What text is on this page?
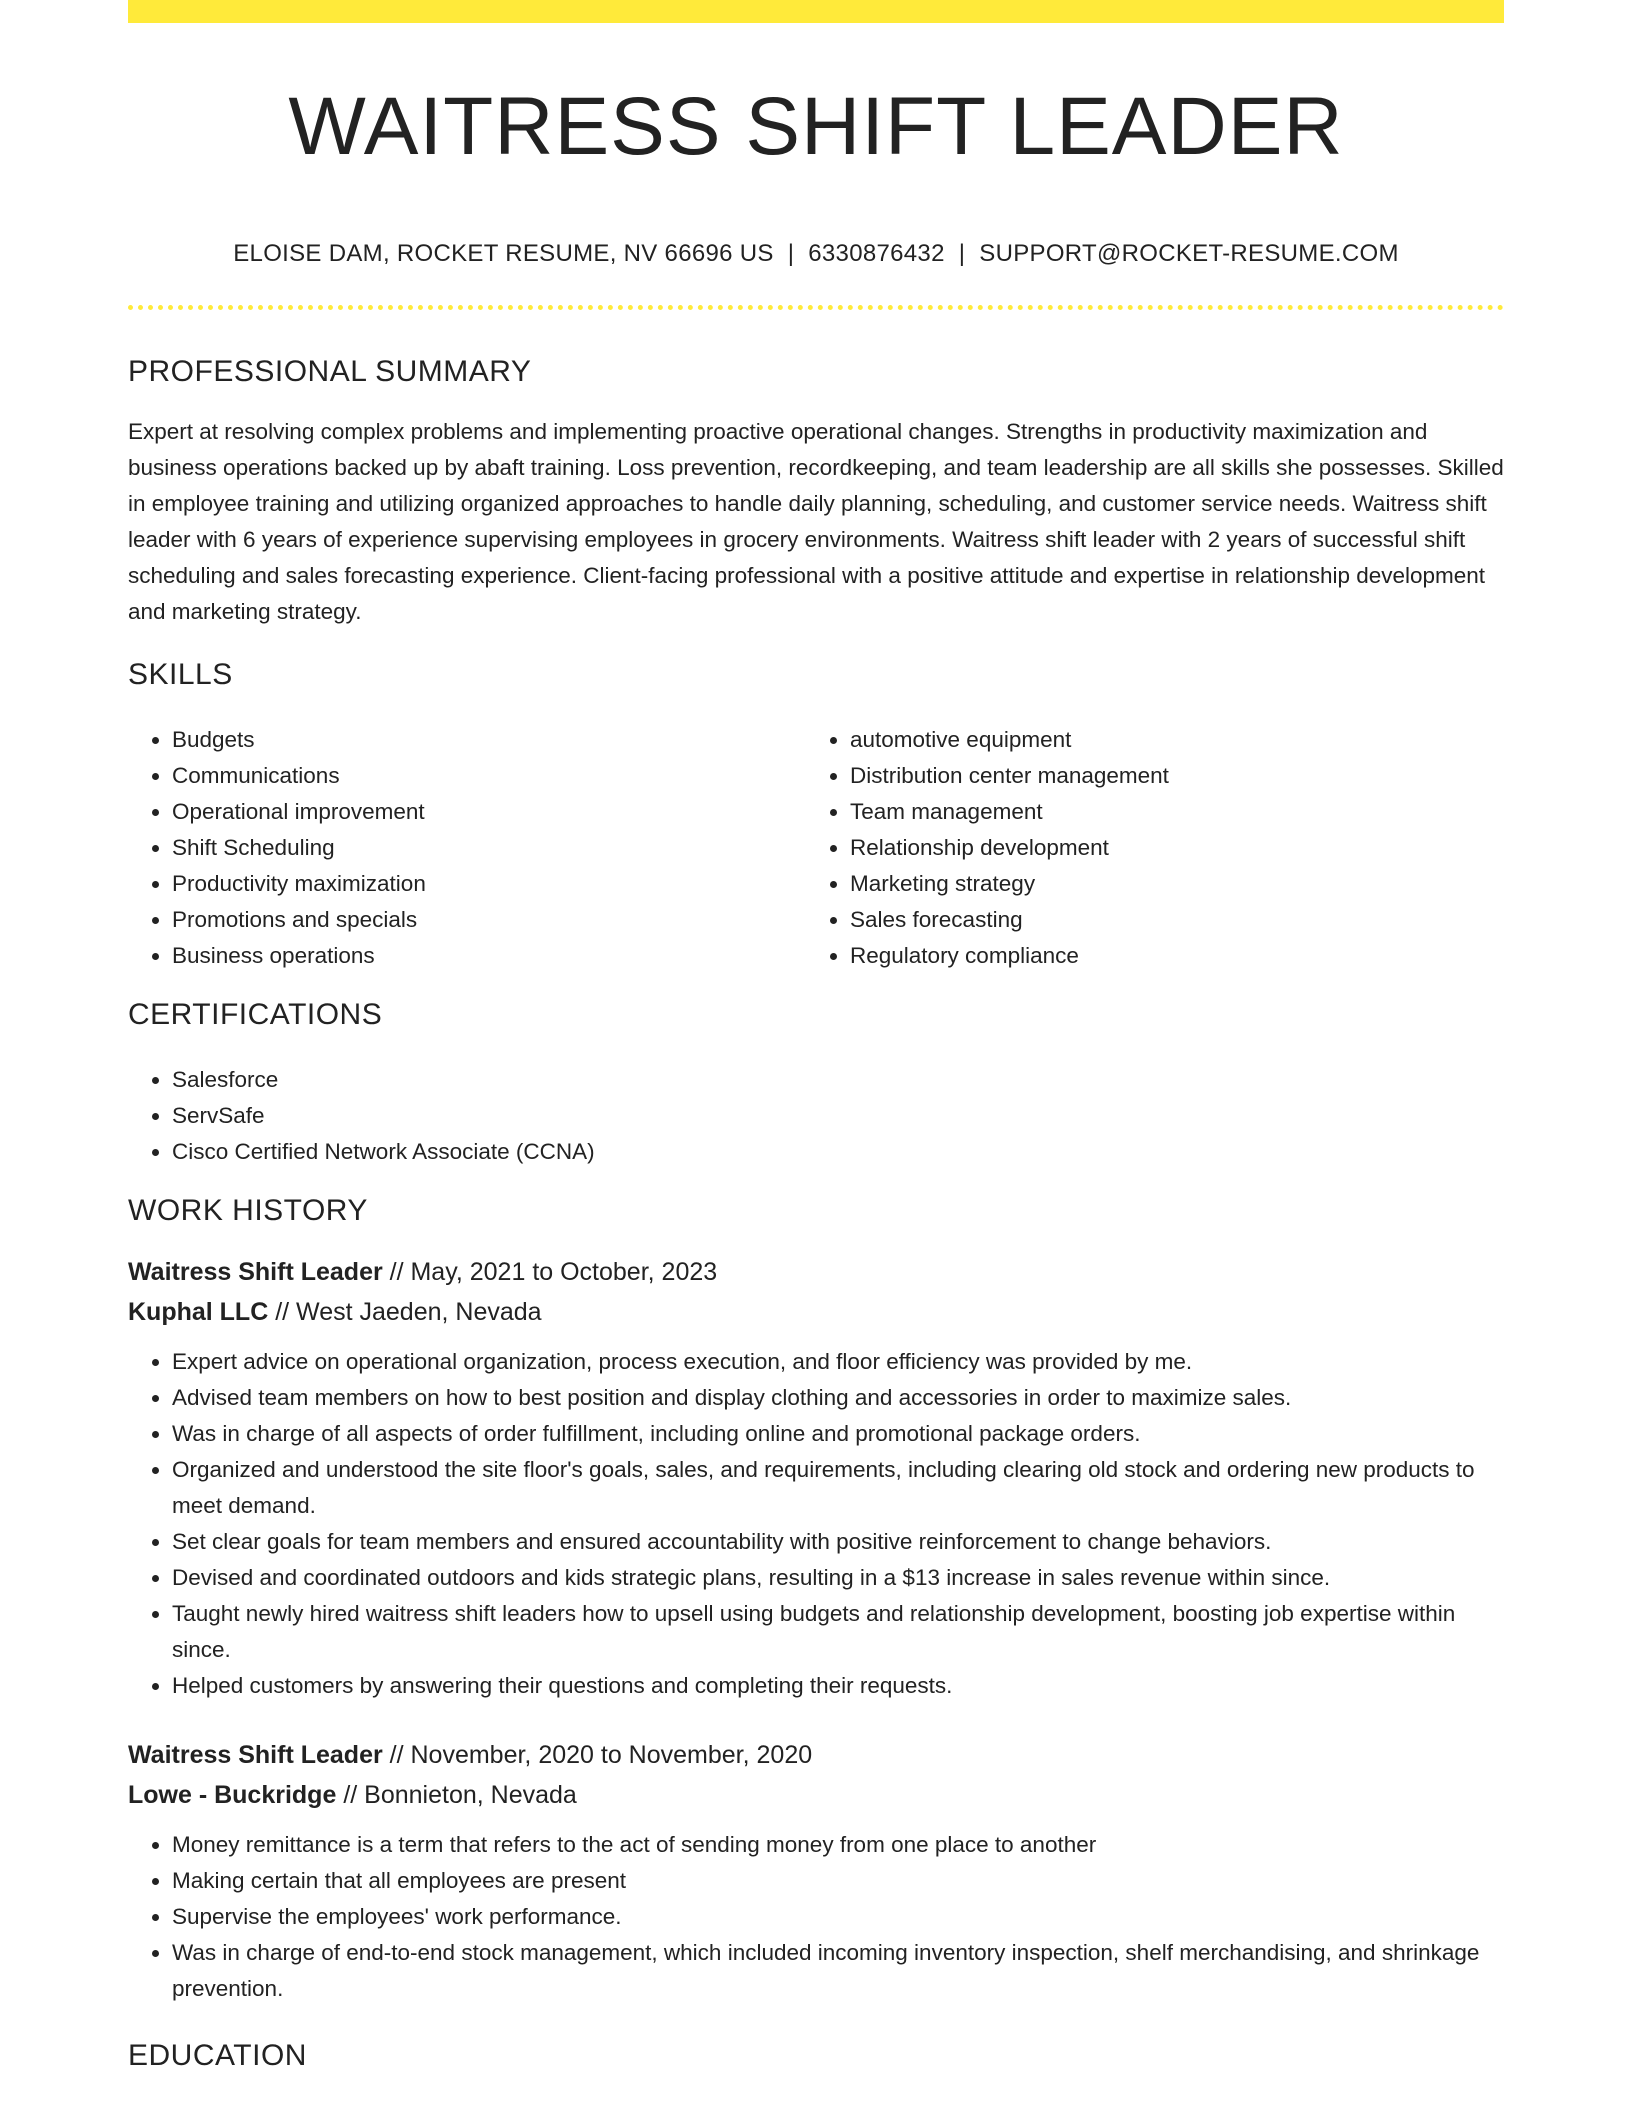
WAITRESS SHIFT LEADER
ELOISE DAM, ROCKET RESUME, NV 66696 US | 6330876432 | SUPPORT@ROCKET-RESUME.COM
PROFESSIONAL SUMMARY

Expert at resolving complex problems and implementing proactive operational changes. Strengths in productivity maximization and business operations backed up by abaft training. Loss prevention, recordkeeping, and team leadership are all skills she possesses. Skilled in employee training and utilizing organized approaches to handle daily planning, scheduling, and customer service needs. Waitress shift leader with 6 years of experience supervising employees in grocery environments. Waitress shift leader with 2 years of successful shift scheduling and sales forecasting experience. Client-facing professional with a positive attitude and expertise in relationship development and marketing strategy.

SKILLS
• Budgets
• Communications
• Operational improvement
• Shift Scheduling
• Productivity maximization
• Promotions and specials
• Business operations
• automotive equipment
• Distribution center management
• Team management
• Relationship development
• Marketing strategy
• Sales forecasting
• Regulatory compliance
CERTIFICATIONS
• Salesforce
• ServSafe
• Cisco Certified Network Associate (CCNA)
WORK HISTORY
Waitress Shift Leader // May, 2021 to October, 2023
Kuphal LLC // West Jaeden, Nevada
• Expert advice on operational organization, process execution, and floor efficiency was provided by me.
• Advised team members on how to best position and display clothing and accessories in order to maximize sales.
• Was in charge of all aspects of order fulfillment, including online and promotional package orders.
• Organized and understood the site floor's goals, sales, and requirements, including clearing old stock and ordering new products to meet demand.
• Set clear goals for team members and ensured accountability with positive reinforcement to change behaviors.
• Devised and coordinated outdoors and kids strategic plans, resulting in a $13 increase in sales revenue within since.
• Taught newly hired waitress shift leaders how to upsell using budgets and relationship development, boosting job expertise within since.
• Helped customers by answering their questions and completing their requests.
Waitress Shift Leader // November, 2020 to November, 2020
Lowe - Buckridge // Bonnieton, Nevada
• Money remittance is a term that refers to the act of sending money from one place to another
• Making certain that all employees are present
• Supervise the employees' work performance.
• Was in charge of end-to-end stock management, which included incoming inventory inspection, shelf merchandising, and shrinkage prevention.
EDUCATION
